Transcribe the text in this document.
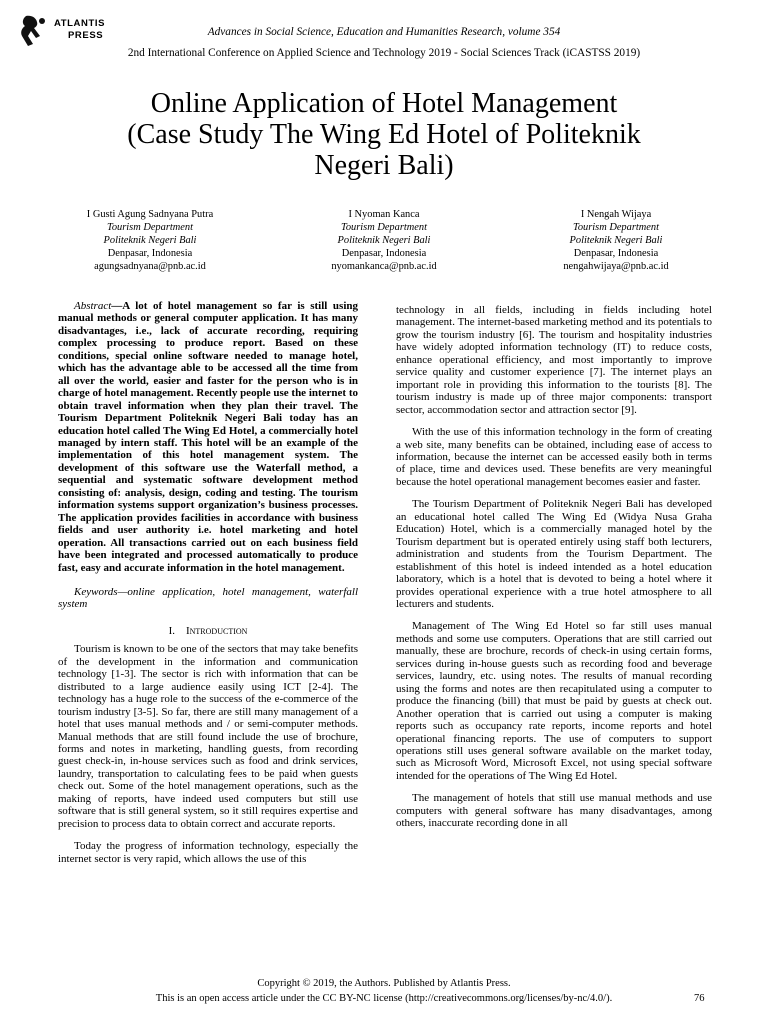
ATLANTIS
PRESS	Advances in Social Science, Education and Humanities Research, volume 354
2nd International Conference on Applied Science and Technology 2019 - Social Sciences Track (iCASTSS 2019)
Online Application of Hotel Management
(Case Study The Wing Ed Hotel of Politeknik
Negeri Bali)
I Gusti Agung Sadnyana Putra
Tourism Department
Politeknik Negeri Bali
Denpasar, Indonesia
agungsadnyana@pnb.ac.id
I Nyoman Kanca
Tourism Department
Politeknik Negeri Bali
Denpasar, Indonesia
nyomankanca@pnb.ac.id
I Nengah Wijaya
Tourism Department
Politeknik Negeri Bali
Denpasar, Indonesia
nengahwijaya@pnb.ac.id

Abstract—A lot of hotel management so far is still using manual methods or general computer application. It has many disadvantages, i.e., lack of accurate recording, requiring complex processing to produce report. Based on these conditions, special online software needed to manage hotel, which has the advantage able to be accessed all the time from all over the world, easier and faster for the person who is in charge of hotel management. Recently people use the internet to obtain travel information when they plan their travel. The Tourism Department Politeknik Negeri Bali today has an education hotel called The Wing Ed Hotel, a commercially hotel managed by intern staff. This hotel will be an example of the implementation of this hotel management system. The development of this software use the Waterfall method, a sequential and systematic software development method consisting of: analysis, design, coding and testing. The tourism information systems support organization’s business processes. The application provides facilities in accordance with business fields and user authority i.e. hotel marketing and hotel operation. All transactions carried out on each business field have been integrated and processed automatically to produce fast, easy and accurate information in the hotel management.

Keywords—online application, hotel management, waterfall system

I. Introduction

Tourism is known to be one of the sectors that may take benefits of the development in the information and communication technology [1-3]. The sector is rich with information that can be distributed to a large audience easily using ICT [2-4]. The technology has a huge role to the success of the e-commerce of the tourism industry [3-5]. So far, there are still many management of a hotel that uses manual methods and / or semi-computer methods. Manual methods that are still found include the use of brochure, forms and notes in marketing, handling guests, from recording guest check-in, in-house services such as food and drink services, laundry, transportation to calculating fees to be paid when guests check out. Some of the hotel management operations, such as the making of reports, have indeed used computers but still use software that is still general system, so it still requires expertise and precision to process data to obtain correct and accurate reports.

Today the progress of information technology, especially the internet sector is very rapid, which allows the use of this

technology in all fields, including in fields including hotel management. The internet-based marketing method and its potentials to grow the tourism industry [6]. The tourism and hospitality industries have widely adopted information technology (IT) to reduce costs, enhance operational efficiency, and most importantly to improve service quality and customer experience [7]. The internet plays an important role in providing this information to the tourists [8]. The tourism industry is made up of three major components: transport sector, accommodation sector and attraction sector [9].

With the use of this information technology in the form of creating a web site, many benefits can be obtained, including ease of access to information, because the internet can be accessed easily both in terms of place, time and devices used. These benefits are very meaningful because the hotel operational management becomes easier and faster.

The Tourism Department of Politeknik Negeri Bali has developed an educational hotel called The Wing Ed (Widya Nusa Graha Education) Hotel, which is a commercially managed hotel by the Tourism department but is operated entirely using staff both lecturers, administration and students from the Tourism Department. The establishment of this hotel is indeed intended as a hotel education laboratory, which is a hotel that is devoted to being a hotel where it provides operational experience with a true hotel atmosphere to all lecturers and students.

Management of The Wing Ed Hotel so far still uses manual methods and some use computers. Operations that are still carried out manually, these are brochure, records of check-in using certain forms, services during in-house guests such as recording food and beverage services, laundry, etc. using notes. The results of manual recording using the forms and notes are then recapitulated using a computer to produce the financing (bill) that must be paid by guests at check out. Another operation that is carried out using a computer is making reports such as occupancy rate reports, income reports and hotel operational financing reports. The use of computers to support operations still uses general software available on the market today, such as Microsoft Word, Microsoft Excel, not using special software intended for the operations of The Wing Ed Hotel.

The management of hotels that still use manual methods and use computers with general software has many disadvantages, among others, inaccurate recording done in all

Copyright © 2019, the Authors. Published by Atlantis Press.
This is an open access article under the CC BY-NC license (http://creativecommons.org/licenses/by-nc/4.0/).	76
